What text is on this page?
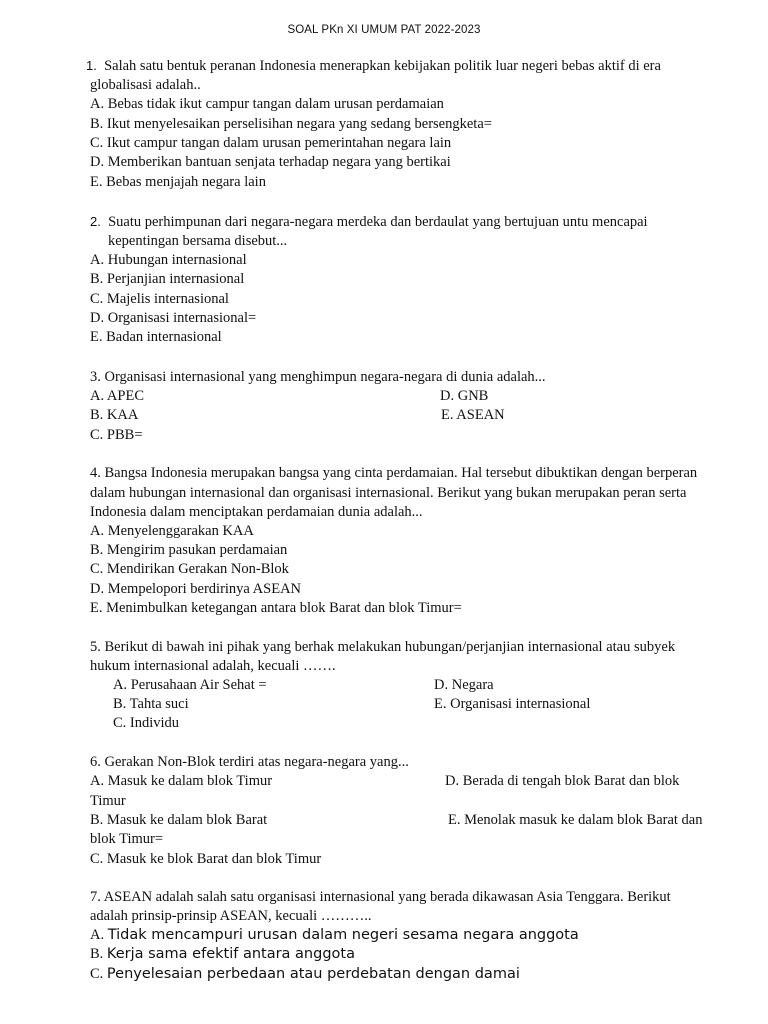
SOAL PKn XI UMUM PAT 2022-2023
1. Salah satu bentuk peranan Indonesia menerapkan kebijakan politik luar negeri bebas aktif di era
globalisasi adalah..
A. Bebas tidak ikut campur tangan dalam urusan perdamaian
B. Ikut menyelesaikan perselisihan negara yang sedang bersengketa=
C. Ikut campur tangan dalam urusan pemerintahan negara lain
D. Memberikan bantuan senjata terhadap negara yang bertikai
E. Bebas menjajah negara lain
2. Suatu perhimpunan dari negara-negara merdeka dan berdaulat yang bertujuan untu mencapai
kepentingan bersama disebut...
A. Hubungan internasional
B. Perjanjian internasional
C. Majelis internasional
D. Organisasi internasional=
E. Badan internasional
3. Organisasi internasional yang menghimpun negara-negara di dunia adalah...
A. APEC	D. GNB
B. KAA	E. ASEAN
C. PBB=
4. Bangsa Indonesia merupakan bangsa yang cinta perdamaian. Hal tersebut dibuktikan dengan berperan
dalam hubungan internasional dan organisasi internasional. Berikut yang bukan merupakan peran serta
Indonesia dalam menciptakan perdamaian dunia adalah...
A. Menyelenggarakan KAA
B. Mengirim pasukan perdamaian
C. Mendirikan Gerakan Non-Blok
D. Mempelopori berdirinya ASEAN
E. Menimbulkan ketegangan antara blok Barat dan blok Timur=
5. Berikut di bawah ini pihak yang berhak melakukan hubungan/perjanjian internasional atau subyek
hukum internasional adalah, kecuali …….
A. Perusahaan Air Sehat =	D. Negara
B. Tahta suci	E. Organisasi internasional
C. Individu
6. Gerakan Non-Blok terdiri atas negara-negara yang...
A. Masuk ke dalam blok Timur	D. Berada di tengah blok Barat dan blok
Timur
B. Masuk ke dalam blok Barat	E. Menolak masuk ke dalam blok Barat dan
blok Timur=
C. Masuk ke blok Barat dan blok Timur
7. ASEAN adalah salah satu organisasi internasional yang berada dikawasan Asia Tenggara. Berikut
adalah prinsip-prinsip ASEAN, kecuali ………..
A. Tidak mencampuri urusan dalam negeri sesama negara anggota
B. Kerja sama efektif antara anggota
C. Penyelesaian perbedaan atau perdebatan dengan damai
